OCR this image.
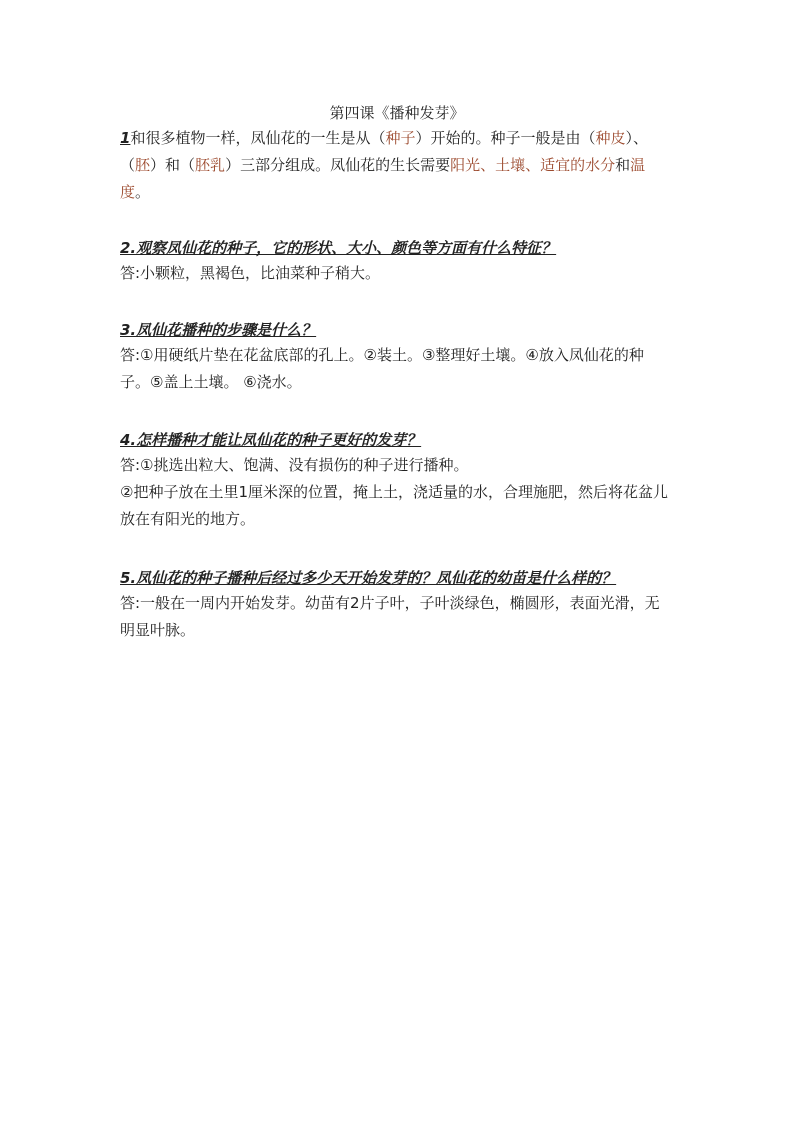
第四课《播种发芽》

1和很多植物一样，凤仙花的一生是从（种子）开始的。种子一般是由（种皮）、（胚）和（胚乳）三部分组成。凤仙花的生长需要阳光、土壤、适宜的水分和温度。

2.观察凤仙花的种子，它的形状、大小、颜色等方面有什么特征？

答:小颗粒，黑褐色，比油菜种子稍大。

3.凤仙花播种的步骤是什么？

答:①用硬纸片垫在花盆底部的孔上。②装土。③整理好土壤。④放入凤仙花的种子。⑤盖上土壤。 ⑥浇水。

4.怎样播种才能让凤仙花的种子更好的发芽？

答:①挑选出粒大、饱满、没有损伤的种子进行播种。

②把种子放在土里1厘米深的位置，掩上土，浇适量的水，合理施肥，然后将花盆儿放在有阳光的地方。

5.凤仙花的种子播种后经过多少天开始发芽的？凤仙花的幼苗是什么样的？

答:一般在一周内开始发芽。幼苗有2片子叶，子叶淡绿色，椭圆形，表面光滑，无明显叶脉。
